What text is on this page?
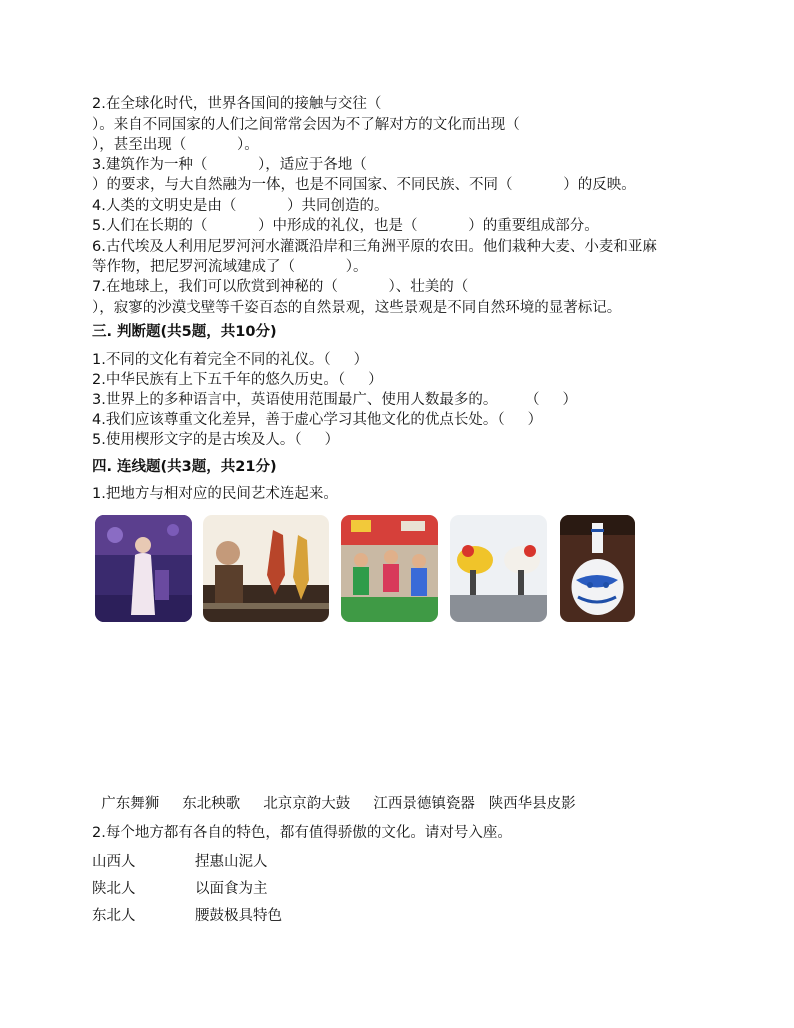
2.在全球化时代，世界各国间的接触与交往（
）。来自不同国家的人们之间常常会因为不了解对方的文化而出现（
），甚至出现（           ）。
3.建筑作为一种（           ），适应于各地（
）的要求，与大自然融为一体，也是不同国家、不同民族、不同（           ）的反映。
4.人类的文明史是由（           ）共同创造的。
5.人们在长期的（           ）中形成的礼仪，也是（           ）的重要组成部分。
6.古代埃及人利用尼罗河河水灌溉沿岸和三角洲平原的农田。他们栽种大麦、小麦和亚麻
等作物，把尼罗河流域建成了（           ）。
7.在地球上，我们可以欣赏到神秘的（           ）、壮美的（
），寂寥的沙漠戈壁等千姿百态的自然景观，这些景观是不同自然环境的显著标记。
三. 判断题(共5题，共10分)
1.不同的文化有着完全不同的礼仪。（     ）
2.中华民族有上下五千年的悠久历史。（     ）
3.世界上的多种语言中，英语使用范围最广、使用人数最多的。      （     ）
4.我们应该尊重文化差异，善于虚心学习其他文化的优点长处。（     ）
5.使用楔形文字的是古埃及人。（     ）
四. 连线题(共3题，共21分)
1.把地方与相对应的民间艺术连起来。

广东舞狮 东北秧歌 北京京韵大鼓 江西景德镇瓷器 陕西华县皮影

2.每个地方都有各自的特色，都有值得骄傲的文化。请对号入座。
山西人	捏惠山泥人
陕北人	以面食为主
东北人	腰鼓极具特色
